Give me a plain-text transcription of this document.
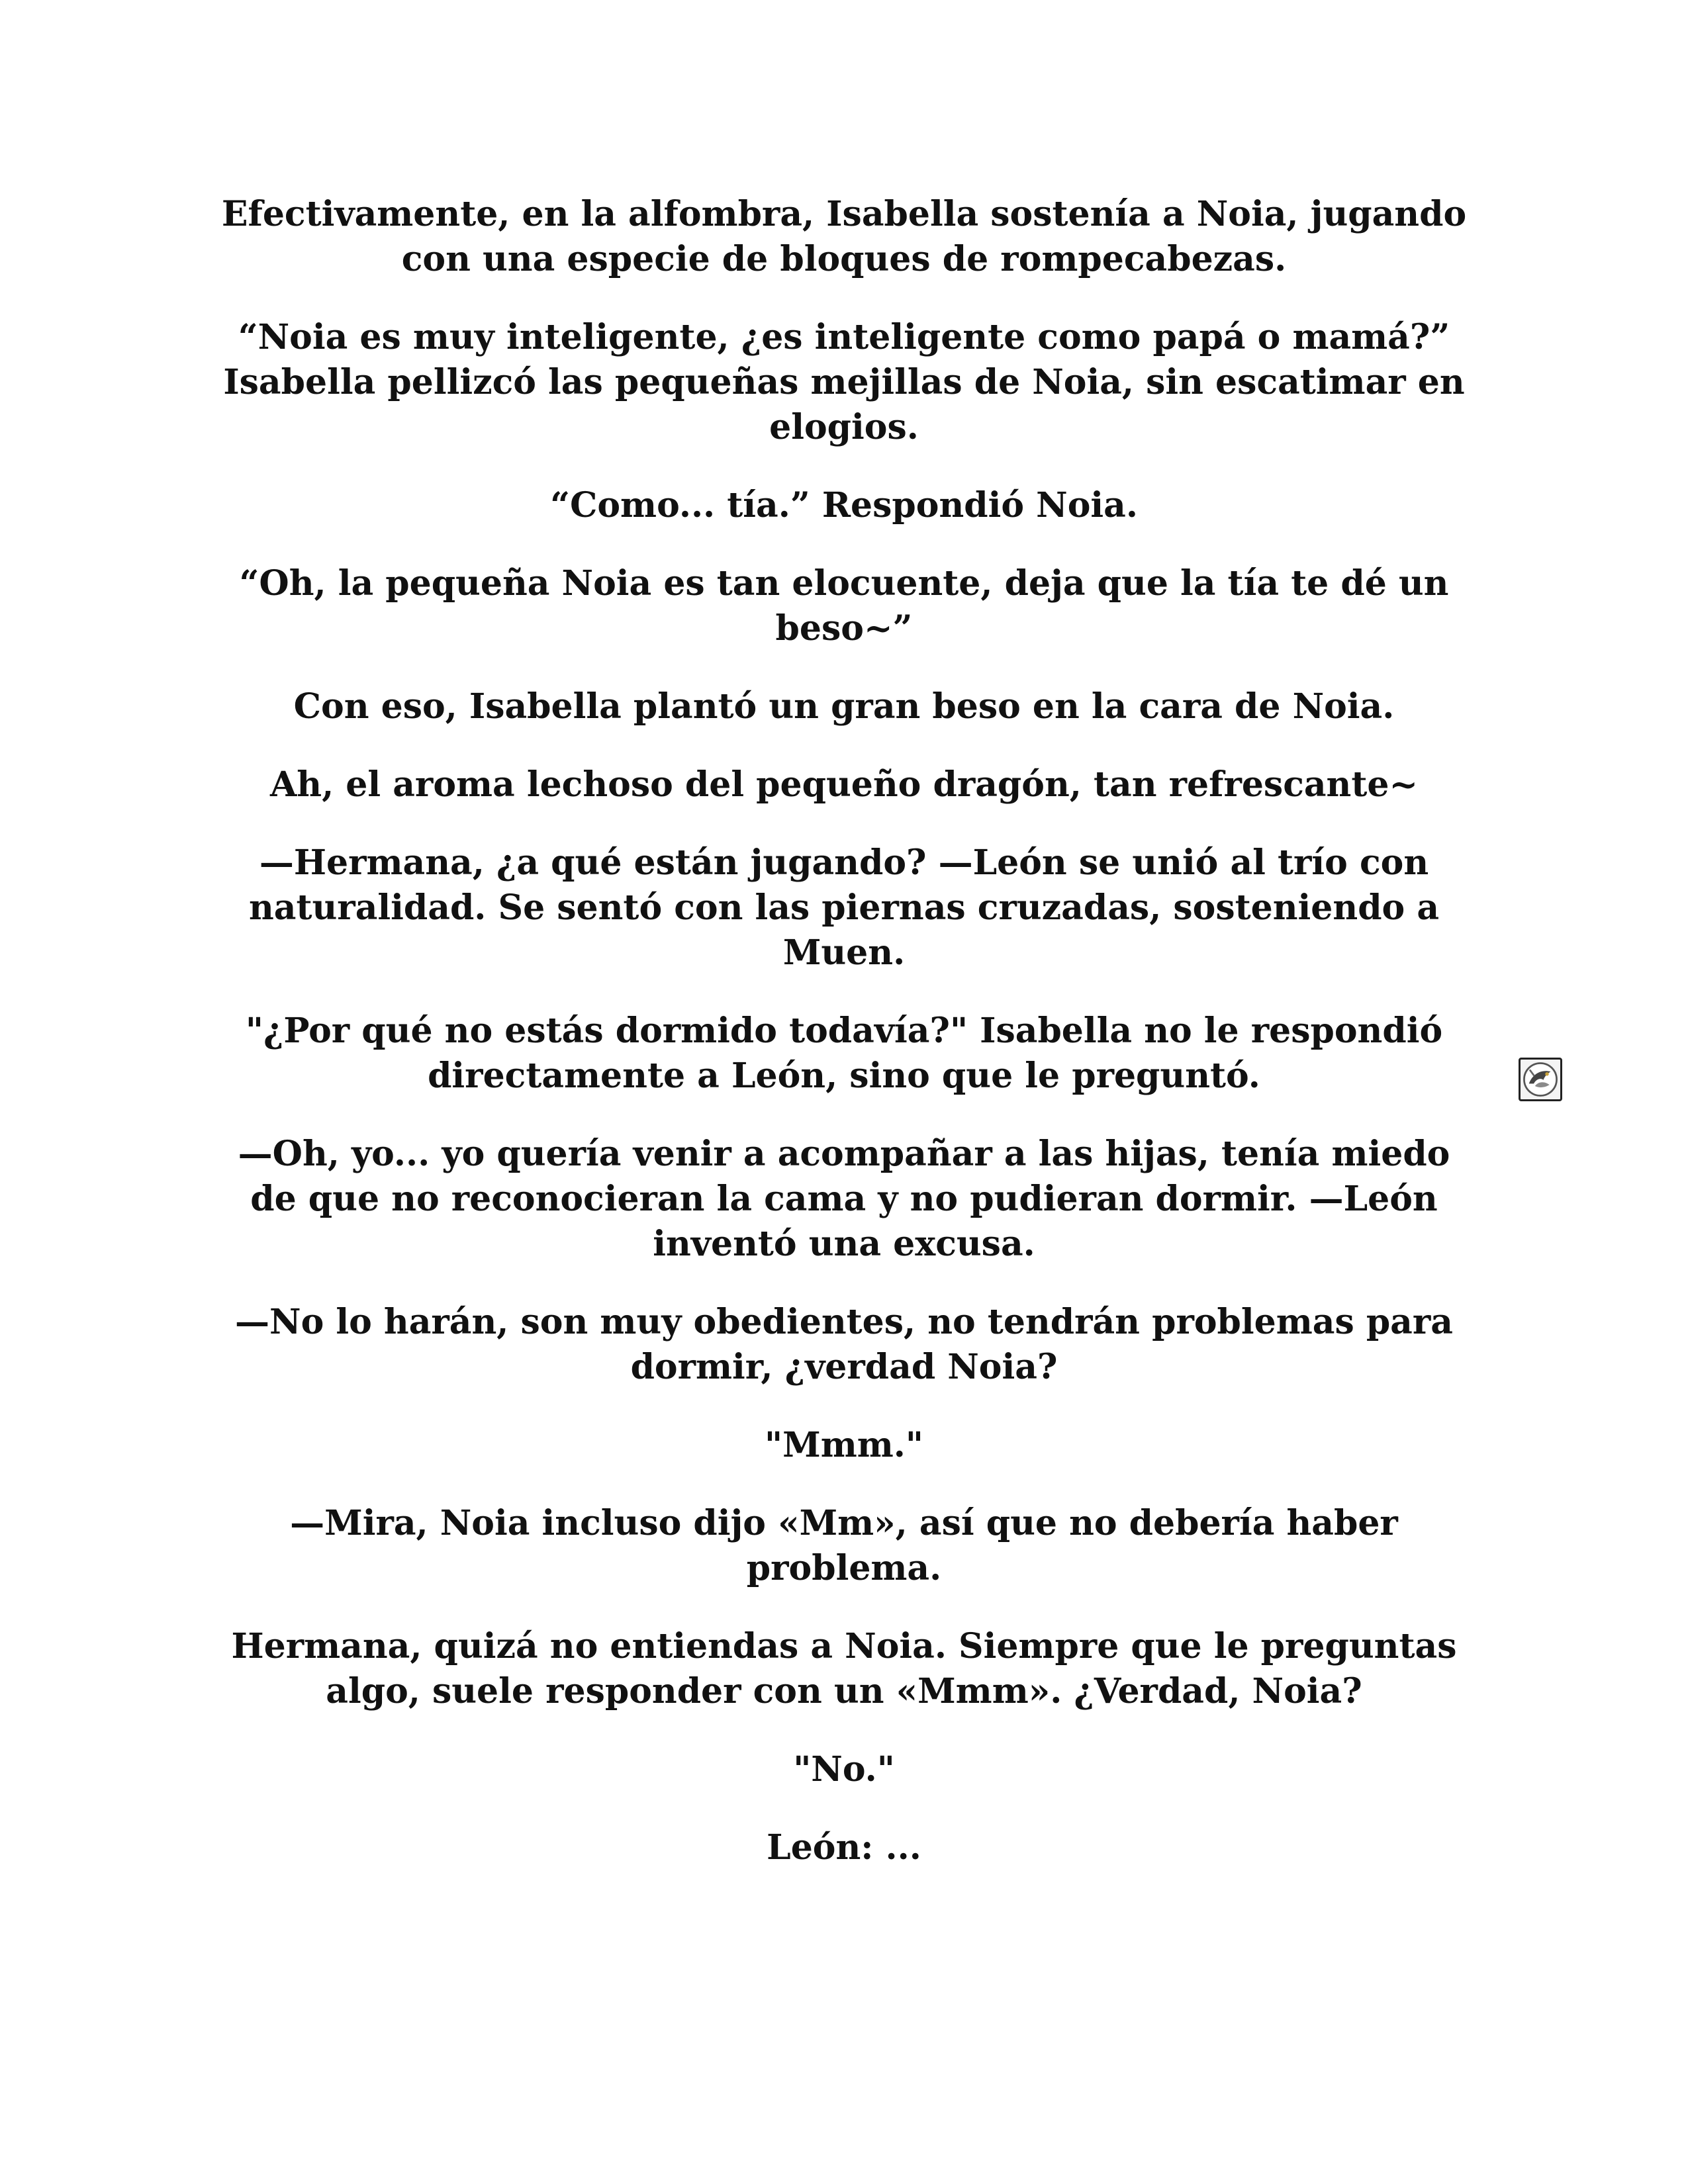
Efectivamente, en la alfombra, Isabella sostenía a Noia, jugando con una especie de bloques de rompecabezas.

“Noia es muy inteligente, ¿es inteligente como papá o mamá?” Isabella pellizcó las pequeñas mejillas de Noia, sin escatimar en elogios.

“Como... tía.” Respondió Noia.

“Oh, la pequeña Noia es tan elocuente, deja que la tía te dé un beso~”

Con eso, Isabella plantó un gran beso en la cara de Noia.

Ah, el aroma lechoso del pequeño dragón, tan refrescante~

—Hermana, ¿a qué están jugando? —León se unió al trío con naturalidad. Se sentó con las piernas cruzadas, sosteniendo a Muen.

"¿Por qué no estás dormido todavía?" Isabella no le respondió directamente a León, sino que le preguntó.

—Oh, yo... yo quería venir a acompañar a las hijas, tenía miedo de que no reconocieran la cama y no pudieran dormir. —León inventó una excusa.

—No lo harán, son muy obedientes, no tendrán problemas para dormir, ¿verdad Noia?

"Mmm."

—Mira, Noia incluso dijo «Mm», así que no debería haber problema.

Hermana, quizá no entiendas a Noia. Siempre que le preguntas algo, suele responder con un «Mmm». ¿Verdad, Noia?

"No."

León: ...
